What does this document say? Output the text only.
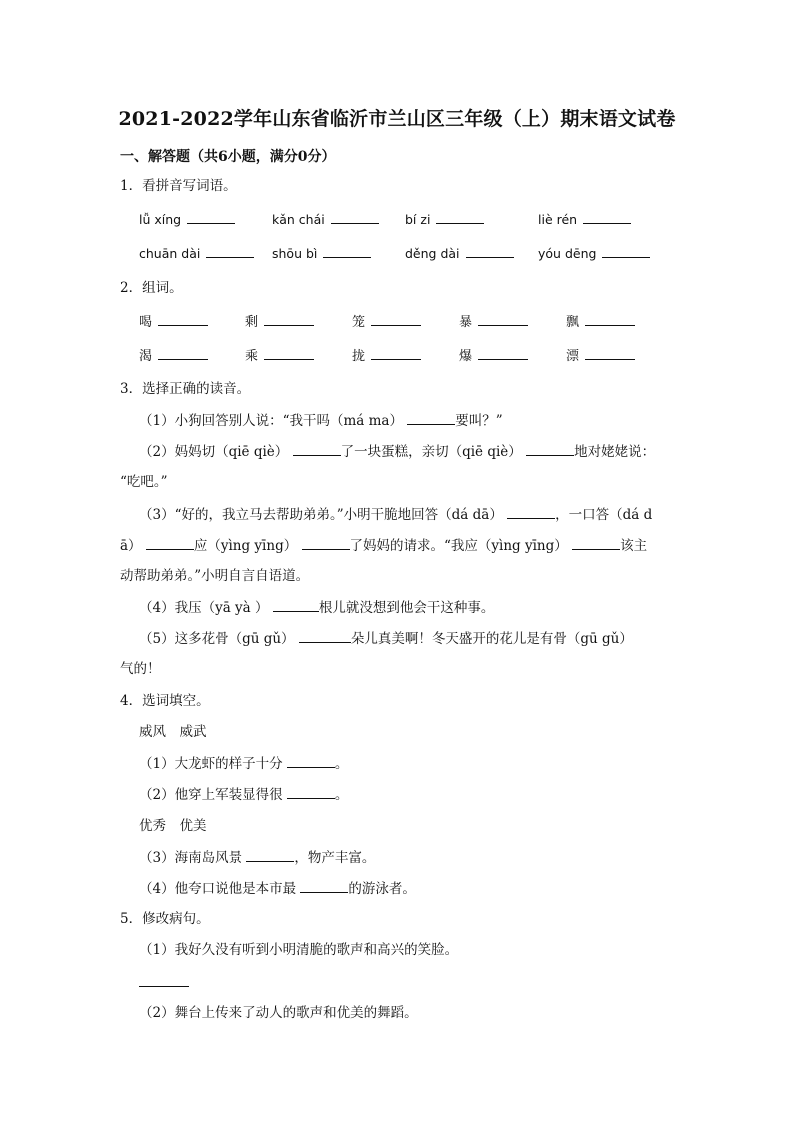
2021-2022学年山东省临沂市兰山区三年级（上）期末语文试卷
一、解答题（共6小题，满分0分）
1．看拼音写词语。
lǚ xíng	kǎn chái	bí zi	liè rén
chuān dài	shōu bì	děng dài	yóu dēng
2．组词。
喝	剩	笼	暴	飘
渴	乘	拢	爆	漂
3．选择正确的读音。
（1）小狗回答别人说：“我干吗（má ma）	要叫？”
（2）妈妈切（qiē qiè）	了一块蛋糕，亲切（qiē qiè）	地对姥姥说：
“吃吧。”
（3）“好的，我立马去帮助弟弟。”小明干脆地回答（dá dā）	，一口答（dá d
ā）	应（yìng yīng）	了妈妈的请求。“我应（yìng yīng）	该主
动帮助弟弟。”小明自言自语道。
（4）我压（yā yà ）	根儿就没想到他会干这种事。
（5）这多花骨（gū gǔ）	朵儿真美啊！冬天盛开的花儿是有骨（gū gǔ）
气的！
4．选词填空。
威风　威武
（1）大龙虾的样子十分	。
（2）他穿上军装显得很	。
优秀　优美
（3）海南岛风景	，物产丰富。
（4）他夸口说他是本市最	的游泳者。
5．修改病句。
（1）我好久没有听到小明清脆的歌声和高兴的笑脸。
（2）舞台上传来了动人的歌声和优美的舞蹈。
